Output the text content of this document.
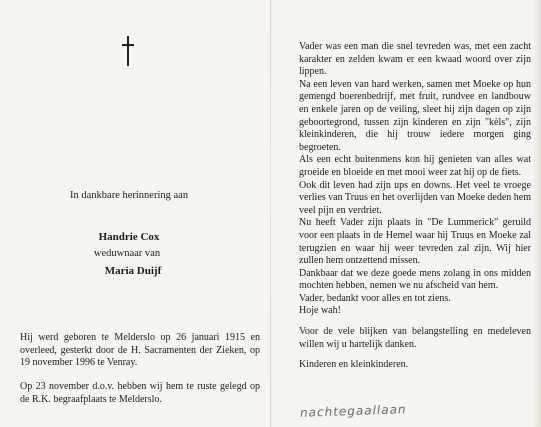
In dankbare herinnering aan
Handrie Cox
weduwnaar van
Maria Duijf
Hij werd geboren te Melderslo op 26 januari 1915 en overleed, gesterkt door de H. Sacramenten der Zieken, op 19 november 1996 te Venray.
Op 23 november d.o.v. hebben wij hem te ruste gelegd op de R.K. begraafplaats te Melderslo.

Vader was een man die snel tevreden was, met een zacht karakter en zelden kwam er een kwaad woord over zijn lippen.

Na een leven van hard werken, samen met Moeke op hun gemengd boerenbedrijf, met fruit, rundvee en landbouw en enkele jaren op de veiling, sleet hij zijn dagen op zijn geboortegrond, tussen zijn kinderen en zijn "kèls", zijn kleinkinderen, die hij trouw iedere morgen ging begroeten.

Als een echt buitenmens kon hij genieten van alles wat groeide en bloeide en met mooi weer zat hij op de fiets.

Ook dit leven had zijn ups en downs. Het veel te vroege verlies van Truus en het overlijden van Moeke deden hem veel pijn en verdriet.

Nu heeft Vader zijn plaats in "De Lummerick" geruild voor een plaats in de Hemel waar hij Truus en Moeke zal terugzien en waar hij weer tevreden zal zijn. Wij hier zullen hem ontzettend missen.

Dankbaar dat we deze goede mens zolang in ons midden mochten hebben, nemen we nu afscheid van hem.

Vader, bedankt voor alles en tot ziens.

Hoje wah!

Voor de vele blijken van belangstelling en medeleven willen wij u hartelijk danken.

Kinderen en kleinkinderen.

nachtegaallaan
